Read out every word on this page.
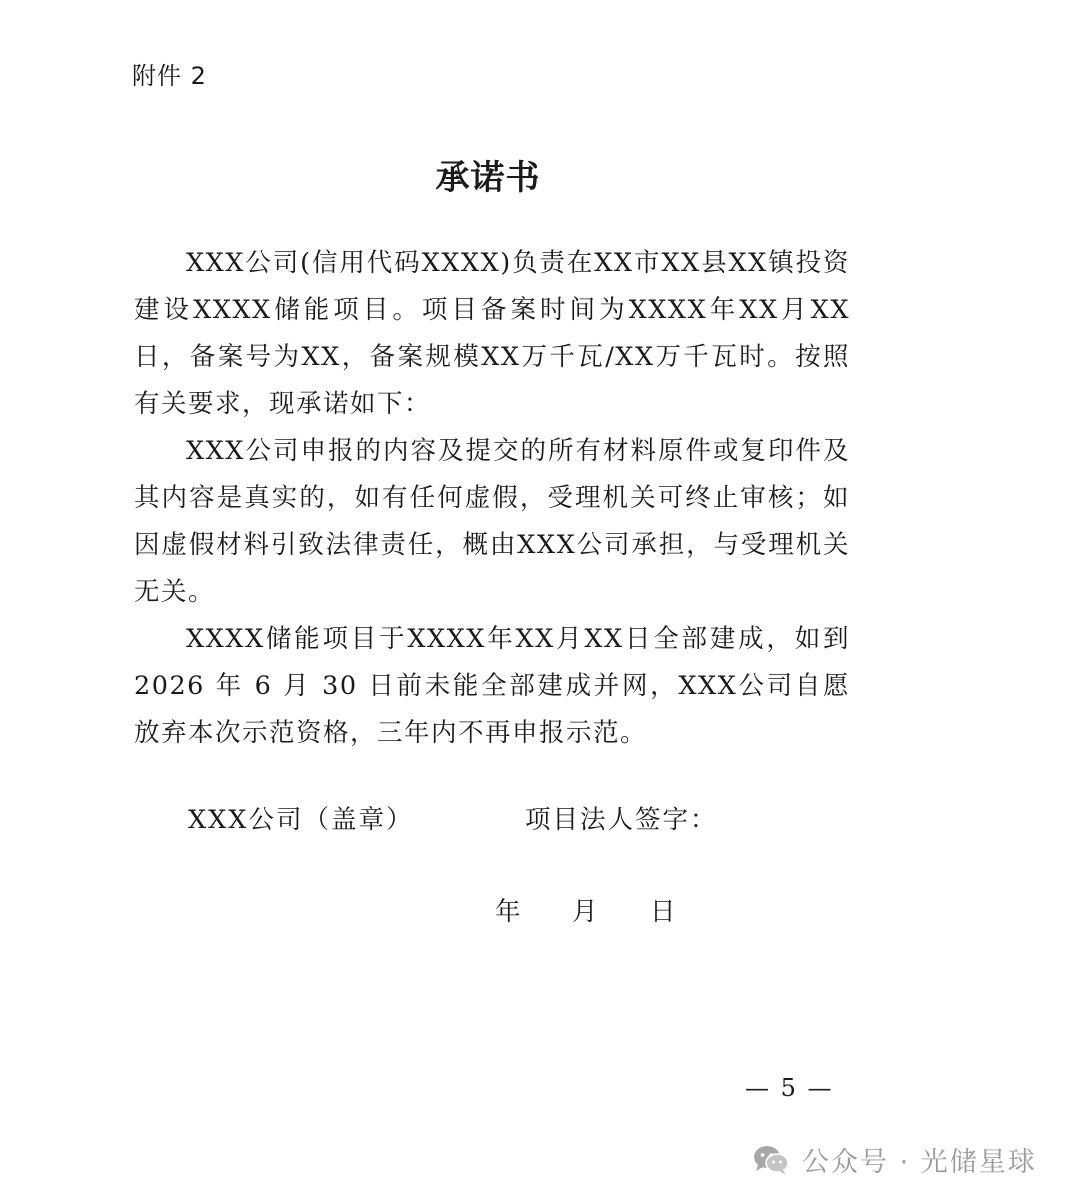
附件 2
承诺书

XXX公司(信用代码XXXX)负责在XX市XX县XX镇投资建设XXXX储能项目。项目备案时间为XXXX年XX月XX日，备案号为XX，备案规模XX万千瓦/XX万千瓦时。按照有关要求，现承诺如下：

XXX公司申报的内容及提交的所有材料原件或复印件及其内容是真实的，如有任何虚假，受理机关可终止审核；如因虚假材料引致法律责任，概由XXX公司承担，与受理机关无关。

XXXX储能项目于XXXX年XX月XX日全部建成，如到 2026 年 6 月 30 日前未能全部建成并网，XXX公司自愿放弃本次示范资格，三年内不再申报示范。

XXX公司（盖章）	项目法人签字：
年 月 日
— 5 —
公众号 · 光储星球
